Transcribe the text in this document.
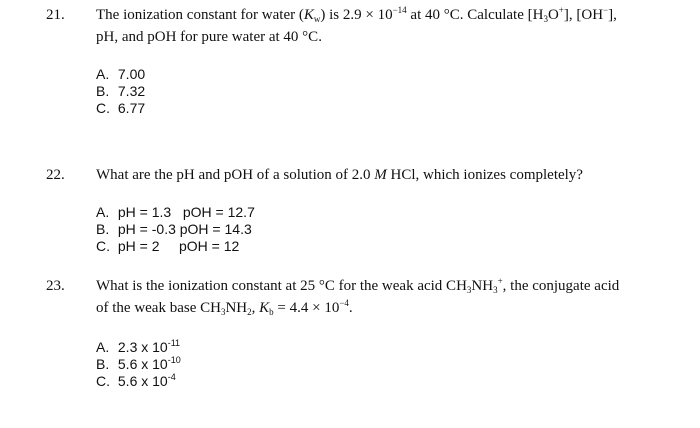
21. The ionization constant for water $(K_w)$ is $2.9 \times 10^{-14}$ at 40 °C. Calculate $[H_3O^+]$, [OH−],
pH, and pOH for pure water at 40 °C.
A. 7.00
B. 7.32
C. 6.77
22. What are the pH and pOH of a solution of 2.0 M HCl, which ionizes completely?
A. pH = 1.3   pOH = 12.7
B. pH = -0.3 pOH = 14.3
C. pH = 2     pOH = 12
23. What is the ionization constant at 25 °C for the weak acid $CH_3NH_3^+$, the conjugate acid
of the weak base $CH_3NH_2$, $K_b = 4.4 \times 10^{-4}$.
A. 2.3 x $10^{-11}$
B. 5.6 x $10^{-10}$
C. 5.6 x $10^{-4}$
